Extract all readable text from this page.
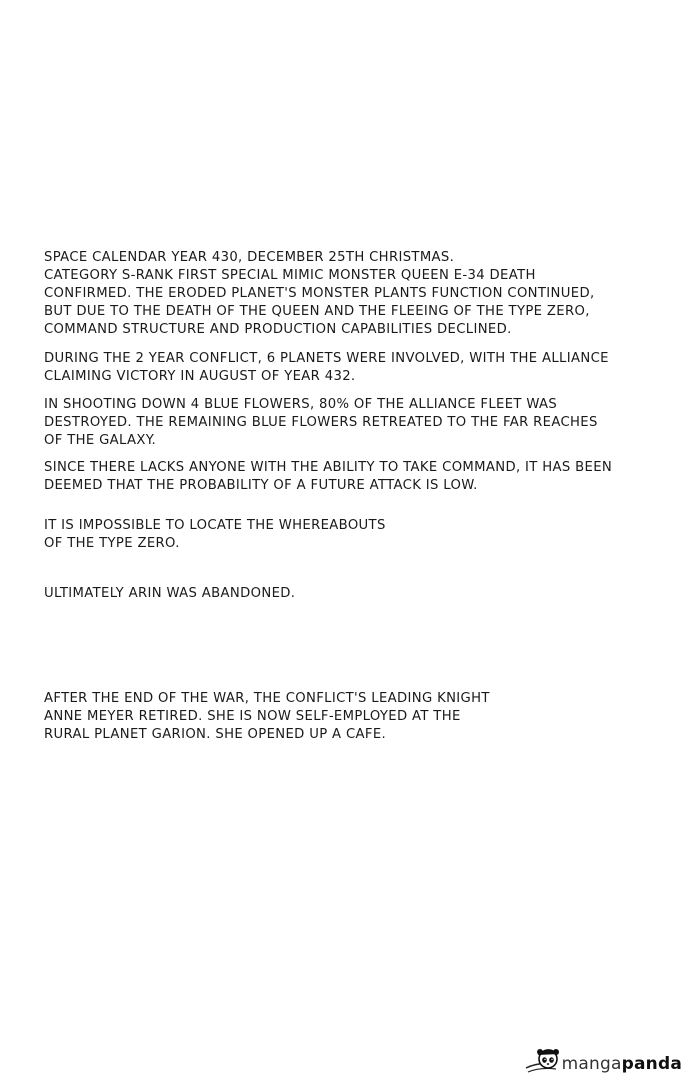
SPACE CALENDAR YEAR 430, DECEMBER 25TH CHRISTMAS.
CATEGORY S-RANK FIRST SPECIAL MIMIC MONSTER QUEEN E-34 DEATH
CONFIRMED. THE ERODED PLANET'S MONSTER PLANTS FUNCTION CONTINUED,
BUT DUE TO THE DEATH OF THE QUEEN AND THE FLEEING OF THE TYPE ZERO,
COMMAND STRUCTURE AND PRODUCTION CAPABILITIES DECLINED.

DURING THE 2 YEAR CONFLICT, 6 PLANETS WERE INVOLVED, WITH THE ALLIANCE
CLAIMING VICTORY IN AUGUST OF YEAR 432.

IN SHOOTING DOWN 4 BLUE FLOWERS, 80% OF THE ALLIANCE FLEET WAS
DESTROYED. THE REMAINING BLUE FLOWERS RETREATED TO THE FAR REACHES
OF THE GALAXY.

SINCE THERE LACKS ANYONE WITH THE ABILITY TO TAKE COMMAND, IT HAS BEEN
DEEMED THAT THE PROBABILITY OF A FUTURE ATTACK IS LOW.

IT IS IMPOSSIBLE TO LOCATE THE WHEREABOUTS
OF THE TYPE ZERO.

ULTIMATELY ARIN WAS ABANDONED.

AFTER THE END OF THE WAR, THE CONFLICT'S LEADING KNIGHT
ANNE MEYER RETIRED. SHE IS NOW SELF-EMPLOYED AT THE
RURAL PLANET GARION. SHE OPENED UP A CAFE.

mangapanda
